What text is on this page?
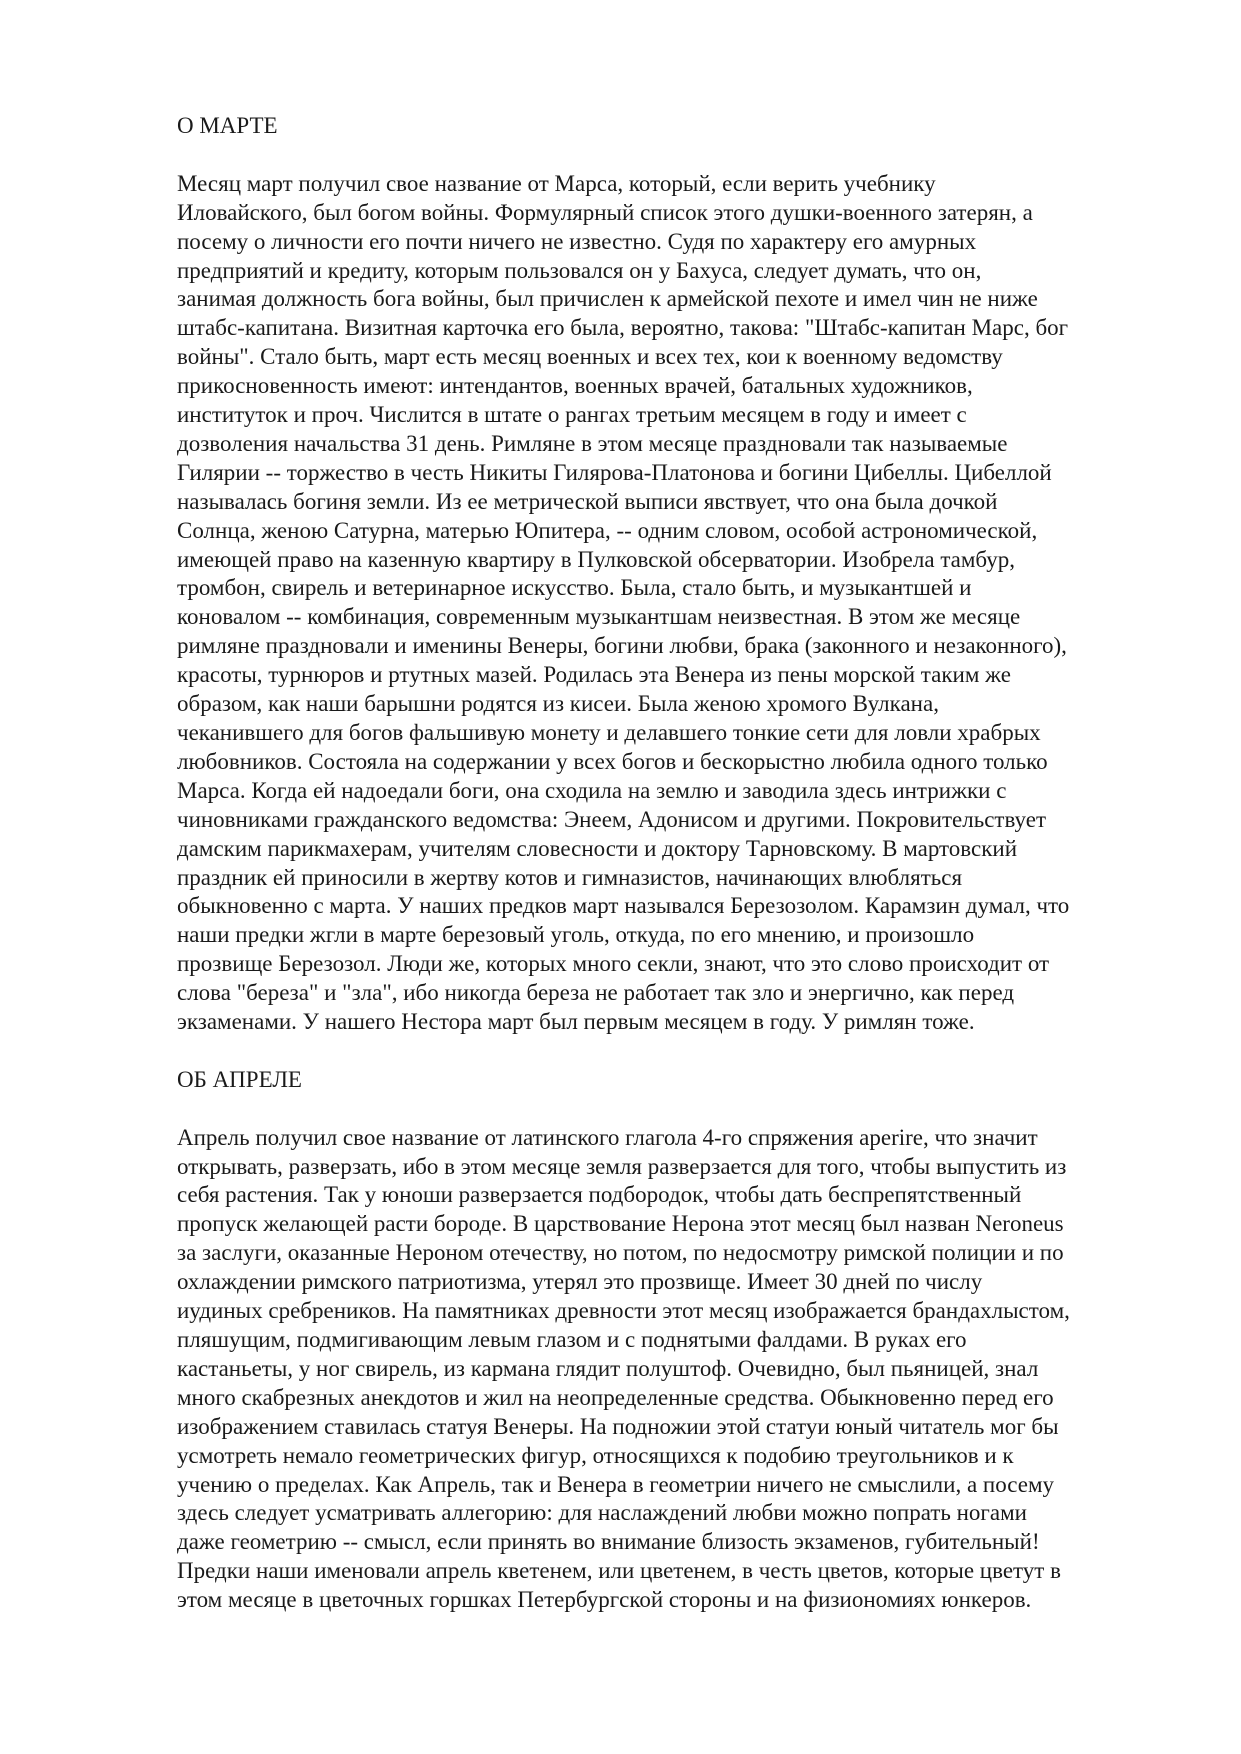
О МАРТЕ
Месяц март получил свое название от Марса, который, если верить учебнику
Иловайского, был богом войны. Формулярный список этого душки-военного затерян, а
посему о личности его почти ничего не известно. Судя по характеру его амурных
предприятий и кредиту, которым пользовался он у Бахуса, следует думать, что он,
занимая должность бога войны, был причислен к армейской пехоте и имел чин не ниже
штабс-капитана. Визитная карточка его была, вероятно, такова: "Штабс-капитан Марс, бог
войны". Стало быть, март есть месяц военных и всех тех, кои к военному ведомству
прикосновенность имеют: интендантов, военных врачей, батальных художников,
институток и проч. Числится в штате о рангах третьим месяцем в году и имеет с
дозволения начальства 31 день. Римляне в этом месяце праздновали так называемые
Гилярии -- торжество в честь Никиты Гилярова-Платонова и богини Цибеллы. Цибеллой
называлась богиня земли. Из ее метрической выписи явствует, что она была дочкой
Солнца, женою Сатурна, матерью Юпитера, -- одним словом, особой астрономической,
имеющей право на казенную квартиру в Пулковской обсерватории. Изобрела тамбур,
тромбон, свирель и ветеринарное искусство. Была, стало быть, и музыкантшей и
коновалом -- комбинация, современным музыкантшам неизвестная. В этом же месяце
римляне праздновали и именины Венеры, богини любви, брака (законного и незаконного),
красоты, турнюров и ртутных мазей. Родилась эта Венера из пены морской таким же
образом, как наши барышни родятся из кисеи. Была женою хромого Вулкана,
чеканившего для богов фальшивую монету и делавшего тонкие сети для ловли храбрых
любовников. Состояла на содержании у всех богов и бескорыстно любила одного только
Марса. Когда ей надоедали боги, она сходила на землю и заводила здесь интрижки с
чиновниками гражданского ведомства: Энеем, Адонисом и другими. Покровительствует
дамским парикмахерам, учителям словесности и доктору Тарновскому. В мартовский
праздник ей приносили в жертву котов и гимназистов, начинающих влюбляться
обыкновенно с марта. У наших предков март назывался Березозолом. Карамзин думал, что
наши предки жгли в марте березовый уголь, откуда, по его мнению, и произошло
прозвище Березозол. Люди же, которых много секли, знают, что это слово происходит от
слова "береза" и "зла", ибо никогда береза не работает так зло и энергично, как перед
экзаменами. У нашего Нестора март был первым месяцем в году. У римлян тоже.
ОБ АПРЕЛЕ
Апрель получил свое название от латинского глагола 4-го спряжения aperire, что значит
открывать, разверзать, ибо в этом месяце земля разверзается для того, чтобы выпустить из
себя растения. Так у юноши разверзается подбородок, чтобы дать беспрепятственный
пропуск желающей расти бороде. В царствование Нерона этот месяц был назван Neroneus
за заслуги, оказанные Нероном отечеству, но потом, по недосмотру римской полиции и по
охлаждении римского патриотизма, утерял это прозвище. Имеет 30 дней по числу
иудиных сребреников. На памятниках древности этот месяц изображается брандахлыстом,
пляшущим, подмигивающим левым глазом и с поднятыми фалдами. В руках его
кастаньеты, у ног свирель, из кармана глядит полуштоф. Очевидно, был пьяницей, знал
много скабрезных анекдотов и жил на неопределенные средства. Обыкновенно перед его
изображением ставилась статуя Венеры. На подножии этой статуи юный читатель мог бы
усмотреть немало геометрических фигур, относящихся к подобию треугольников и к
учению о пределах. Как Апрель, так и Венера в геометрии ничего не смыслили, а посему
здесь следует усматривать аллегорию: для наслаждений любви можно попрать ногами
даже геометрию -- смысл, если принять во внимание близость экзаменов, губительный!
Предки наши именовали апрель кветенем, или цветенем, в честь цветов, которые цветут в
этом месяце в цветочных горшках Петербургской стороны и на физиономиях юнкеров.
